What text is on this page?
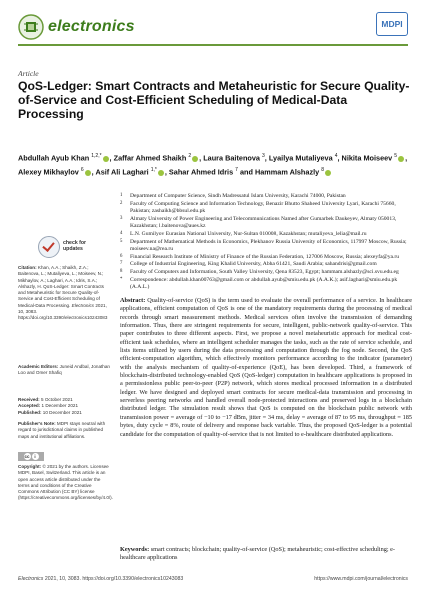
electronics	MDPI
Article
QoS-Ledger: Smart Contracts and Metaheuristic for Secure Quality-of-Service and Cost-Efficient Scheduling of Medical-Data Processing
Abdullah Ayub Khan $^{1,2,*}$ , Zaffar Ahmed Shaikh $^2$ , Laura Baitenova $^3$, Lyailya Mutaliyeva $^4$, Nikita Moiseev $^5$ , Alexey Mikhaylov $^6$ , Asif Ali Laghari $^{1,*}$ , Sahar Ahmed Idris $^7$ and Hammam Alshazly $^8$
1	Department of Computer Science, Sindh Madressatul Islam University, Karachi 74000, Pakistan
2	Faculty of Computing Science and Information Technology, Benazir Bhutto Shaheed University Lyari, Karachi 75660, Pakistan; zashaikh@bbsul.edu.pk
3	Almaty University of Power Engineering and Telecommunications Named after Gumarbek Daukeyev, Almaty 050013, Kazakhstan; l.baitenova@aues.kz
4	L.N. Gumilyov Eurasian National University, Nur-Sultan 010008, Kazakhstan; mutaliyeva_lelia@mail.ru
5	Department of Mathematical Methods in Economics, Plekhanov Russia University of Economics, 117997 Moscow, Russia; moiseev.na@rea.ru
6	Financial Research Institute of Ministry of Finance of the Russian Federation, 127006 Moscow, Russia; alexeyfa@ya.ru
7	College of Industrial Engineering, King Khalid University, Abha 61421, Saudi Arabia; sahandrisi@gmail.com
8	Faculty of Computers and Information, South Valley University, Qena 83523, Egypt; hammam.alshazly@sci.svu.edu.eg
*	Correspondence: abdullah.khan00763@gmail.com or abdullah.ayub@smiu.edu.pk (A.A.K.); asif.laghari@smiu.edu.pk (A.A.L.)
check for
updates
Citation: Khan, A.A.; Shaikh, Z.A.; Baitenova, L.; Mutaliyeva, L.; Moiseev, N.; Mikhaylov, A.; Laghari, A.A.; Idris, S.A.; Alshazly, H. QoS-Ledger: Smart Contracts and Metaheuristic for Secure Quality-of-Service and Cost-Efficient Scheduling of Medical-Data Processing. Electronics 2021, 10, 3083. https://doi.org/10.3390/electronics10243083
Academic Editors: Juneid Andbal, Jonathan Loo and Omer Shafiq
Received: 5 October 2021
Accepted: 1 December 2021
Published: 10 December 2021
Publisher's Note: MDPI stays neutral with regard to jurisdictional claims in published maps and institutional affiliations.
cc	i
Copyright: © 2021 by the authors. Licensee MDPI, Basel, Switzerland. This article is an open access article distributed under the terms and conditions of the Creative Commons Attribution (CC BY) license (https://creativecommons.org/licenses/by/4.0/).
Abstract: Quality-of-service (QoS) is the term used to evaluate the overall performance of a service. In healthcare applications, efficient computation of QoS is one of the mandatory requirements during the processing of medical records through smart measurement methods. Medical services often involve the transmission of demanding information. Thus, there are stringent requirements for secure, intelligent, public-network quality-of-service. This paper contributes to three different aspects. First, we propose a novel metaheuristic approach for medical cost-efficient task schedules, where an intelligent scheduler manages the tasks, such as the rate of service schedule, and lists items utilized by users during the data processing and computation through the fog node. Second, the QoS efficient-computation algorithm, which effectively monitors performance according to the indicator (parameter) with the analysis mechanism of quality-of-experience (QoE), has been developed. Third, a framework of blockchain-distributed technology-enabled QoS (QoS-ledger) computation in healthcare applications is proposed in a permissionless public peer-to-peer (P2P) network, which stores medical processed information in a distributed ledger. We have designed and deployed smart contracts for secure medical-data transmission and processing in serverless peering networks and handled overall node-protected interactions and preserved logs in a blockchain distributed ledger. The simulation result shows that QoS is computed on the blockchain public network with transmission power = average of −10 to −17 dBm, jitter = 34 ms, delay = average of 87 to 95 ms, throughput = 185 bytes, duty cycle = 8%, route of delivery and response back variable. Thus, the proposed QoS-ledger is a potential candidate for the computation of quality-of-service that is not limited to e-healthcare distributed applications.
Keywords: smart contracts; blockchain; quality-of-service (QoS); metaheuristic; cost-effective scheduling; e-healthcare applications
Electronics 2021, 10, 3083. https://doi.org/10.3390/electronics10243083	https://www.mdpi.com/journal/electronics
